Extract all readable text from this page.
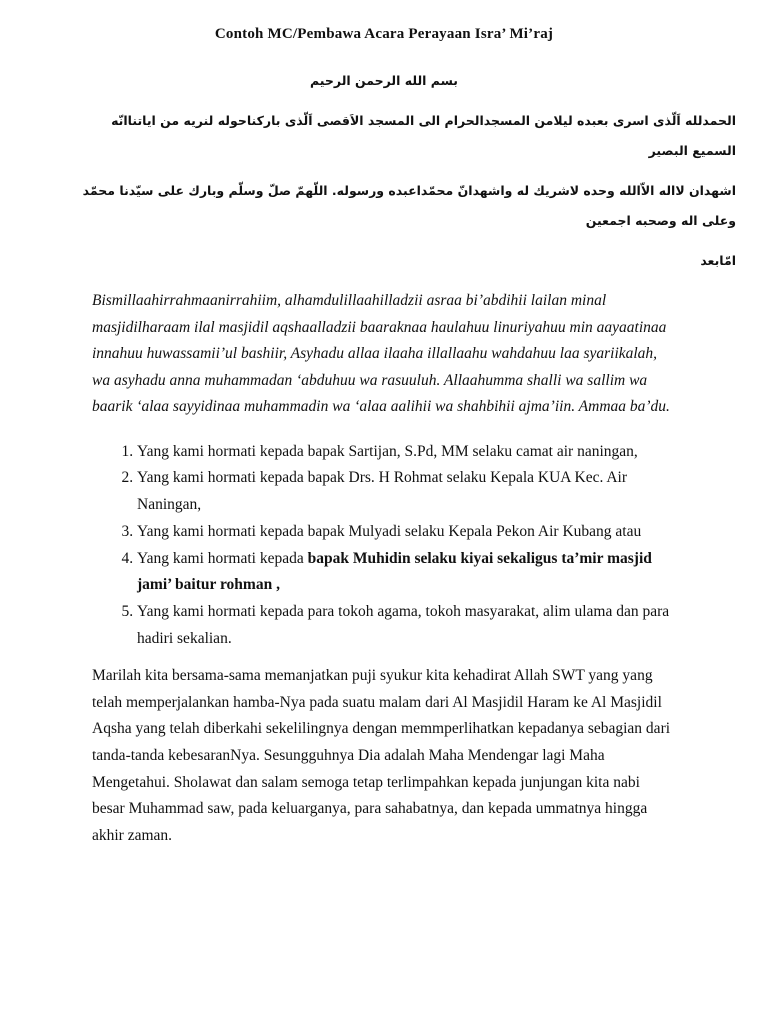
Contoh MC/Pembawa Acara Perayaan Isra’ Mi’raj
بسم الله الرحمن الرحيم
الحمدلله اَلّذى اسرى بعبده ليلامن المسجدالحرام الى المسجد الاَقصى اَلّذى باركناحوله لنريه من اياتناانّه السميع البصير
اشهدان لااله الاّالله وحده لاشريك له واشهدانّ محمّداعبده ورسوله. اللّهمّ صلّ وسلّم وبارك على سيّدنا محمّد وعلى اله وصحبه اجمعين
امّابعد

Bismillaahirrahmaanirrahiim, alhamdulillaahilladzii asraa bi’abdihii lailan minal masjidilharaam ilal masjidil aqshaalladzii baaraknaa haulahuu linuriyahuu min aayaatinaa innahuu huwassamii’ul bashiir, Asyhadu allaa ilaaha illallaahu wahdahuu laa syariikalah, wa asyhadu anna muhammadan ‘abduhuu wa rasuuluh. Allaahumma shalli wa sallim wa baarik ‘alaa sayyidinaa muhammadin wa ‘alaa aalihii wa shahbihii ajma’iin. Ammaa ba’du.

1. Yang kami hormati kepada bapak Sartijan, S.Pd, MM selaku camat air naningan,
2. Yang kami hormati kepada bapak Drs. H Rohmat selaku Kepala KUA Kec. Air Naningan,
3. Yang kami hormati kepada bapak Mulyadi selaku Kepala Pekon Air Kubang atau
4. Yang kami hormati kepada bapak Muhidin selaku kiyai sekaligus ta’mir masjid jami’ baitur rohman ,
5. Yang kami hormati kepada para tokoh agama, tokoh masyarakat, alim ulama dan para hadiri sekalian.

Marilah kita bersama-sama memanjatkan puji syukur kita kehadirat Allah SWT yang yang telah memperjalankan hamba-Nya pada suatu malam dari Al Masjidil Haram ke Al Masjidil Aqsha yang telah diberkahi sekelilingnya dengan memmperlihatkan kepadanya sebagian dari tanda-tanda kebesaranNya. Sesungguhnya Dia adalah Maha Mendengar lagi Maha Mengetahui. Sholawat dan salam semoga tetap terlimpahkan kepada junjungan kita nabi besar Muhammad saw, pada keluarganya, para sahabatnya, dan kepada ummatnya hingga akhir zaman.
